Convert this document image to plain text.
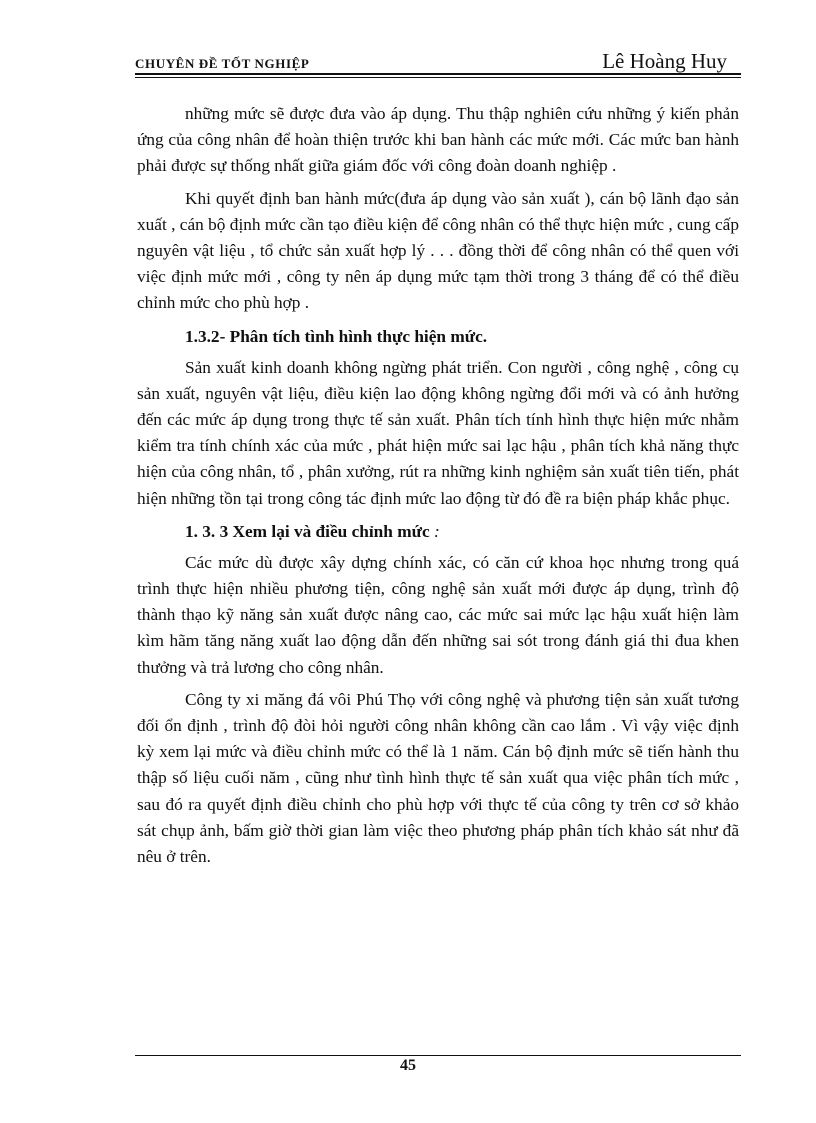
CHUYÊN ĐỀ TỐT NGHIỆP	Lê Hoàng Huy

những mức sẽ được đưa vào áp dụng. Thu thập nghiên cứu những ý kiến phản ứng của công nhân để hoàn thiện trước khi ban hành các mức mới. Các mức ban hành phải được sự thống nhất giữa giám đốc với công đoàn doanh nghiệp .

Khi quyết định ban hành mức(đưa áp dụng vào sản xuất ), cán bộ lãnh đạo sản xuất , cán bộ định mức cần tạo điều kiện để công nhân có thể thực hiện mức , cung cấp nguyên vật liệu , tổ chức sản xuất hợp lý . . . đồng thời để công nhân có thể quen với việc định mức mới , công ty nên áp dụng mức tạm thời trong 3 tháng để có thể điều chỉnh mức cho phù hợp .

1.3.2- Phân tích tình hình thực hiện mức.

Sản xuất kinh doanh không ngừng phát triển. Con người , công nghệ , công cụ sản xuất, nguyên vật liệu, điều kiện lao động không ngừng đổi mới và có ảnh hưởng đến các mức áp dụng trong thực tế sản xuất. Phân tích tính hình thực hiện mức nhằm kiểm tra tính chính xác của mức , phát hiện mức sai lạc hậu , phân tích khả năng thực hiện của công nhân, tổ , phân xưởng, rút ra những kinh nghiệm sản xuất tiên tiến, phát hiện những tồn tại trong công tác định mức lao động từ đó đề ra biện pháp khắc phục.

1. 3. 3 Xem lại và điều chỉnh mức :

Các mức dù được xây dựng chính xác, có căn cứ khoa học nhưng trong quá trình thực hiện nhiều phương tiện, công nghệ sản xuất mới được áp dụng, trình độ thành thạo kỹ năng sản xuất được nâng cao, các mức sai mức lạc hậu xuất hiện làm kìm hãm tăng năng xuất lao động dẫn đến những sai sót trong đánh giá thi đua khen thưởng và trả lương cho công nhân.

Công ty xi măng đá vôi Phú Thọ với công nghệ và phương tiện sản xuất tương đối ổn định , trình độ đòi hỏi người công nhân không cần cao lắm . Vì vậy việc định kỳ xem lại mức và điều chỉnh mức có thể là 1 năm. Cán bộ định mức sẽ tiến hành thu thập số liệu cuối năm , cũng như tình hình thực tế sản xuất qua việc phân tích mức , sau đó ra quyết định điều chỉnh cho phù hợp với thực tế của công ty trên cơ sở khảo sát chụp ảnh, bấm giờ thời gian làm việc theo phương pháp phân tích khảo sát như đã nêu ở trên.

45
